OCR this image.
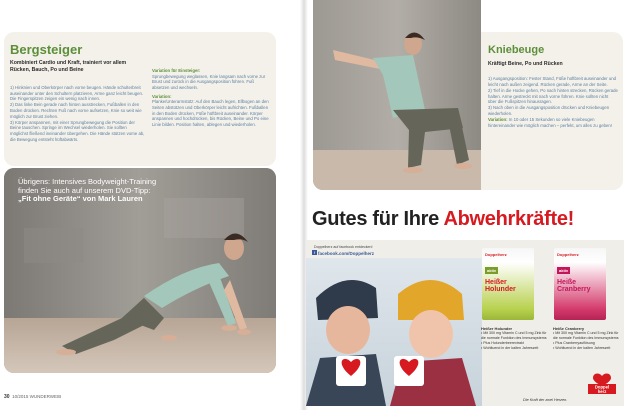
Bergsteiger
Kombiniert Cardio und Kraft, trainiert vor allem Rücken, Bauch, Po und Beine

1) Hinknien und Oberkörper nach vorne beugen. Hände schulterbreit auseinander unter den Schultern platzieren, Arme ganz leicht beugen. Die Fingerspitzen zeigen ein wenig nach innen.

2) Das linke Bein gerade nach hinten ausstrecken, Fußballen in den Boden drücken. Rechten Fuß nach vorne aufsetzen, Knie so weit wie möglich zur Brust ziehen.

3) Körper anspannen, mit einer Sprungbewegung die Position der Beine tauschen. Springe im Wechsel wiederholen. Sie sollten möglichst fließend ineinander übergehen. Die Hände stützen vorne ab, die Bewegung entsteht hüftabwärts.

Variation für Einsteiger:
Sprungbewegung weglassen, Knie langsam nach vorne zur Brust und zurück in die Ausgangsposition führen. Fuß absetzen und wechseln.

Variation:
Planke/Unterarmstütz: Auf den Bauch legen, Ellbogen an den Seiten abstützen und Oberkörper leicht aufrichten. Fußballen in den Boden drücken, Füße hüftbreit auseinander. Körper anspannen und hochdrücken, bis Rücken, Beine und Po eine Linie bilden. Position halten, ablegen und wiederholen.

Übrigens: Intensives Bodyweight-Training
finden Sie auch auf unserem DVD-Tipp:
„Fit ohne Geräte“ von Mark Lauren
30 10/2015 WUNDERWEIB
Kniebeuge
Kräftigt Beine, Po und Rücken

1) Ausgangsposition: Fester Stand, Füße hüftbreit auseinander und leicht nach außen zeigend. Rücken gerade, Arme an der Seite.

2) Tief in die Hocke gehen, Po nach hinten strecken, Rücken gerade halten. Arme gestreckt mit nach vorne führen. Knie sollten nicht über die Fußspitzen hinausragen.

3) Nach oben in die Ausgangsposition drücken und Kniebeugen wiederholen.

Variation: In 10 oder 15 Sekunden so viele Kniebeugen hintereinander wie möglich machen – perfekt, um alles zu geben!

Gutes für Ihre Abwehrkräfte!
Doppelherz auf facebook entdecken!
f facebook.com/Doppelherz	Doppelherz
aktiv
Heißer
Holunder
Doppelherz
aktiv
Heiße
Cranberry
Heißer Holunder
• Mit 300 mg Vitamin C und 5 mg Zink für die normale Funktion des Immunsystems
• Plus Holunderbeerextrakt
• Wohltuend in der kalten Jahreszeit
Heiße Cranberry
• Mit 300 mg Vitamin C und 5 mg Zink für die normale Funktion des Immunsystems
• Plus Cranberryauflösung
• Wohltuend in der kalten Jahreszeit
Doppel
herz
Die Kraft der zwei Herzen.
